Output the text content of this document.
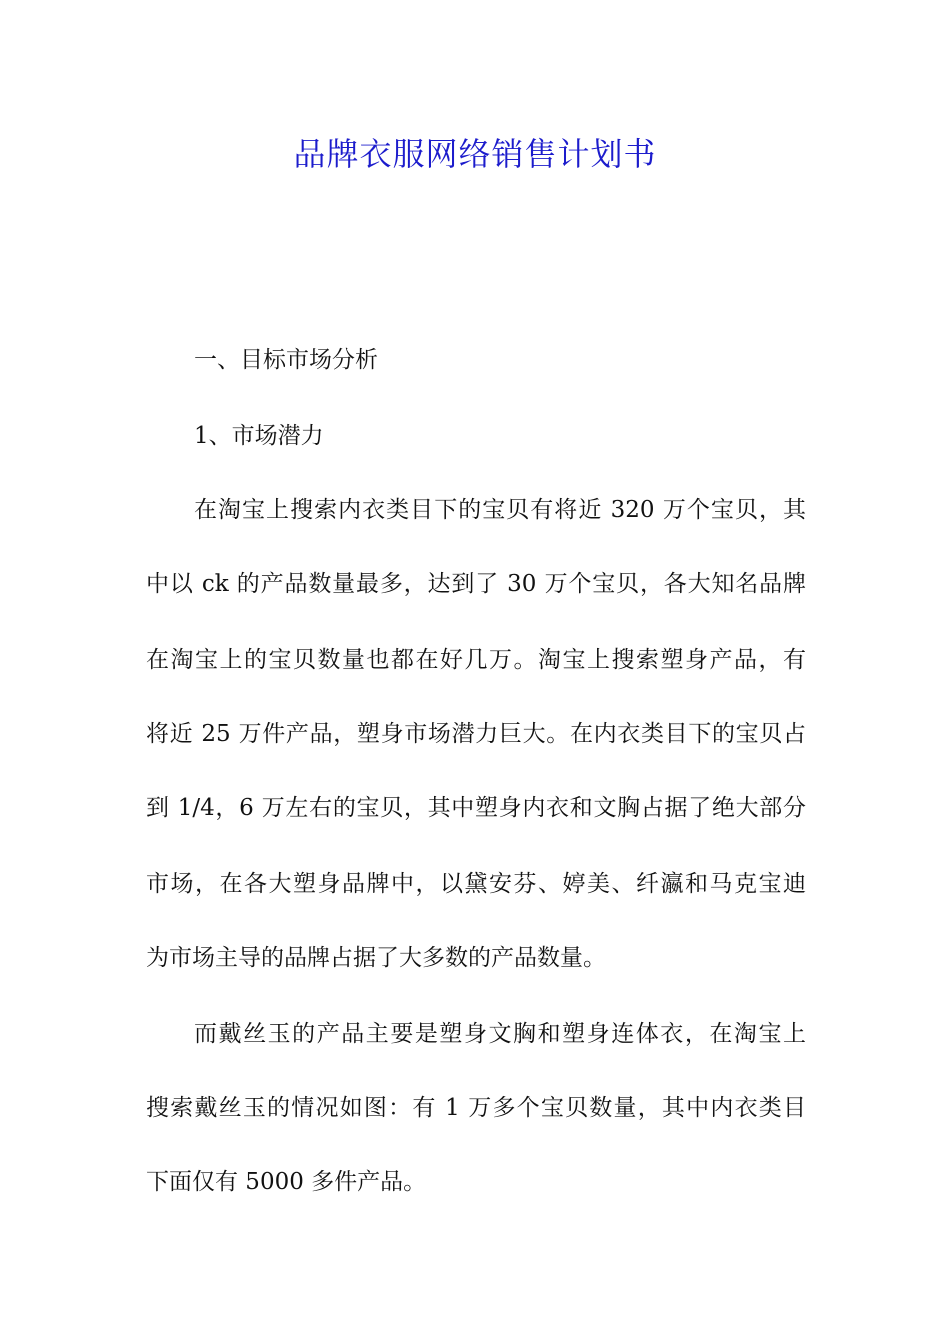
品牌衣服网络销售计划书

一、目标市场分析

1、市场潜力

在淘宝上搜索内衣类目下的宝贝有将近 320 万个宝贝，其

中以 ck 的产品数量最多，达到了 30 万个宝贝，各大知名品牌

在淘宝上的宝贝数量也都在好几万。淘宝上搜索塑身产品，有

将近 25 万件产品，塑身市场潜力巨大。在内衣类目下的宝贝占

到 1/4，6 万左右的宝贝，其中塑身内衣和文胸占据了绝大部分

市场，在各大塑身品牌中，以黛安芬、婷美、纤瀛和马克宝迪

为市场主导的品牌占据了大多数的产品数量。

而戴丝玉的产品主要是塑身文胸和塑身连体衣，在淘宝上

搜索戴丝玉的情况如图：有 1 万多个宝贝数量，其中内衣类目

下面仅有 5000 多件产品。
